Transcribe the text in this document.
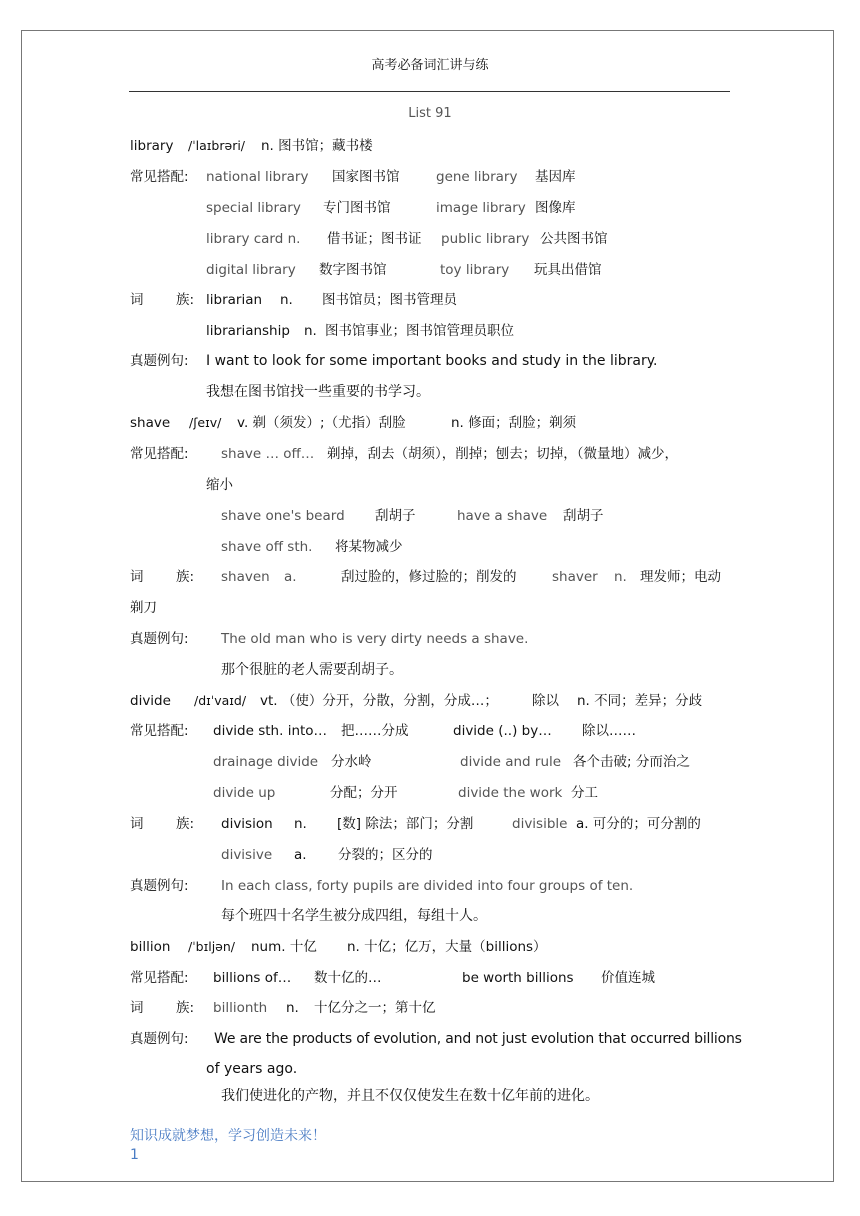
高考必备词汇讲与练
List 91
library /ˈlaɪbrəri/ n. 图书馆；藏书楼
常见搭配: national library 国家图书馆	gene library 基因库
special library 专门图书馆	image library 图像库
library card n. 借书证；图书证 public library 公共图书馆
digital library 数字图书馆	toy library 玩具出借馆
词 族: librarian n. 图书馆员；图书管理员
librarianship n. 图书馆事业；图书馆管理员职位
真题例句: I want to look for some important books and study in the library.
我想在图书馆找一些重要的书学习。
shave /ʃeɪv/ v. 剃（须发）;（尤指）刮脸	n. 修面；刮脸；剃须
常见搭配: shave … off… 剃掉，刮去（胡须），削掉；刨去；切掉，（微量地）减少，
缩小
shave one's beard 刮胡子	have a shave 刮胡子
shave off sth. 将某物减少
词 族: shaven a.	刮过脸的，修过脸的；削发的	shaver n. 理发师；电动
剃刀
真题例句: The old man who is very dirty needs a shave.
那个很脏的老人需要刮胡子。
divide /dɪˈvaɪd/ vt. （使）分开，分散，分割，分成…；	除以 n. 不同；差异；分歧
常见搭配: divide sth. into… 把……分成	divide (..) by… 除以……
drainage divide 分水岭	divide and rule 各个击破; 分而治之
divide up	分配；分开	divide the work 分工
词 族: division n. [数] 除法；部门；分割	divisible a. 可分的；可分割的
divisive a. 分裂的；区分的
真题例句: In each class, forty pupils are divided into four groups of ten.
每个班四十名学生被分成四组，每组十人。
billion /ˈbɪljən/ num. 十亿 n. 十亿；亿万，大量（billions）
常见搭配: billions of… 数十亿的…	be worth billions 价值连城
词 族: billionth n. 十亿分之一；第十亿
真题例句: We are the products of evolution, and not just evolution that occurred billions
of years ago.
我们使进化的产物，并且不仅仅使发生在数十亿年前的进化。
知识成就梦想，学习创造未来！
1
